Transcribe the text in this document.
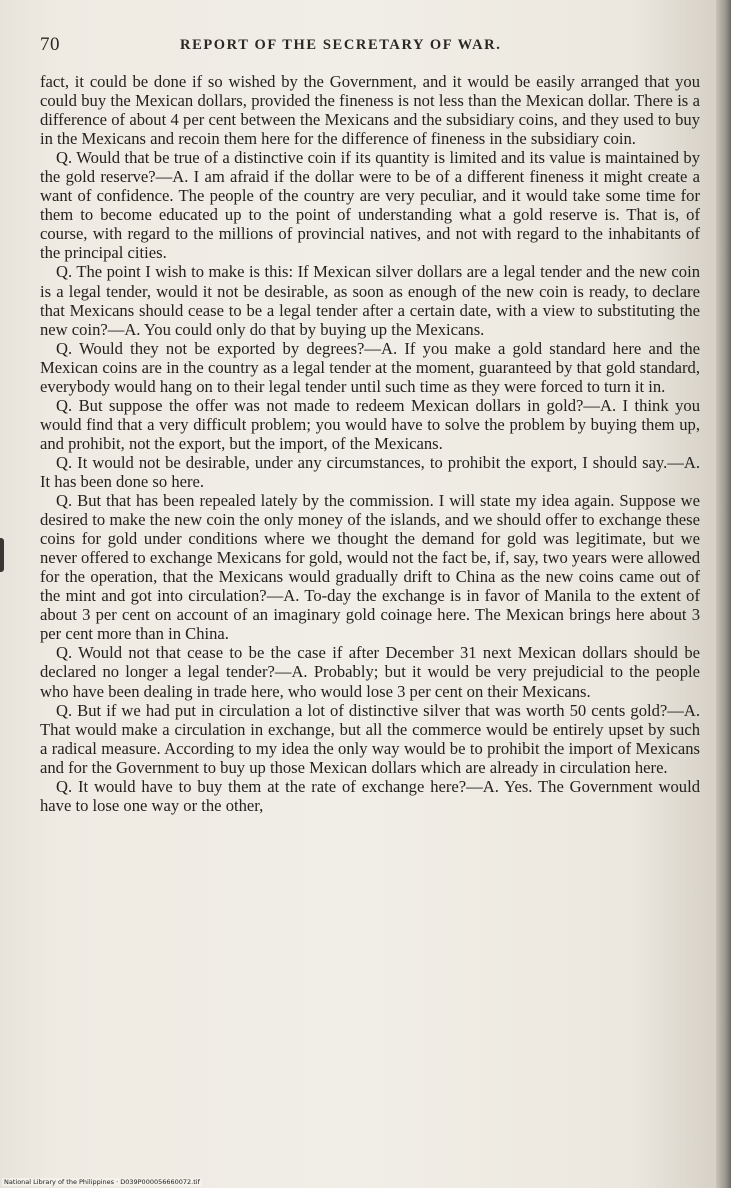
70	REPORT OF THE SECRETARY OF WAR.

fact, it could be done if so wished by the Government, and it would be easily arranged that you could buy the Mexican dollars, provided the fineness is not less than the Mexican dollar. There is a difference of about 4 per cent between the Mexicans and the subsidiary coins, and they used to buy in the Mexicans and recoin them here for the difference of fineness in the subsidiary coin.

Q. Would that be true of a distinctive coin if its quantity is limited and its value is maintained by the gold reserve?—A. I am afraid if the dollar were to be of a different fineness it might create a want of confidence. The people of the country are very peculiar, and it would take some time for them to become educated up to the point of understanding what a gold reserve is. That is, of course, with regard to the millions of provincial natives, and not with regard to the inhabitants of the principal cities.

Q. The point I wish to make is this: If Mexican silver dollars are a legal tender and the new coin is a legal tender, would it not be desirable, as soon as enough of the new coin is ready, to declare that Mexicans should cease to be a legal tender after a certain date, with a view to substituting the new coin?—A. You could only do that by buying up the Mexicans.

Q. Would they not be exported by degrees?—A. If you make a gold standard here and the Mexican coins are in the country as a legal tender at the moment, guaranteed by that gold standard, everybody would hang on to their legal tender until such time as they were forced to turn it in.

Q. But suppose the offer was not made to redeem Mexican dollars in gold?—A. I think you would find that a very difficult problem; you would have to solve the problem by buying them up, and prohibit, not the export, but the import, of the Mexicans.

Q. It would not be desirable, under any circumstances, to prohibit the export, I should say.—A. It has been done so here.

Q. But that has been repealed lately by the commission. I will state my idea again. Suppose we desired to make the new coin the only money of the islands, and we should offer to exchange these coins for gold under conditions where we thought the demand for gold was legitimate, but we never offered to exchange Mexicans for gold, would not the fact be, if, say, two years were allowed for the operation, that the Mexicans would gradually drift to China as the new coins came out of the mint and got into circulation?—A. To-day the exchange is in favor of Manila to the extent of about 3 per cent on account of an imaginary gold coinage here. The Mexican brings here about 3 per cent more than in China.

Q. Would not that cease to be the case if after December 31 next Mexican dollars should be declared no longer a legal tender?—A. Probably; but it would be very prejudicial to the people who have been dealing in trade here, who would lose 3 per cent on their Mexicans.

Q. But if we had put in circulation a lot of distinctive silver that was worth 50 cents gold?—A. That would make a circulation in exchange, but all the commerce would be entirely upset by such a radical measure. According to my idea the only way would be to prohibit the import of Mexicans and for the Government to buy up those Mexican dollars which are already in circulation here.

Q. It would have to buy them at the rate of exchange here?—A. Yes. The Government would have to lose one way or the other,

National Library of the Philippines · D039P000056660072.tif
